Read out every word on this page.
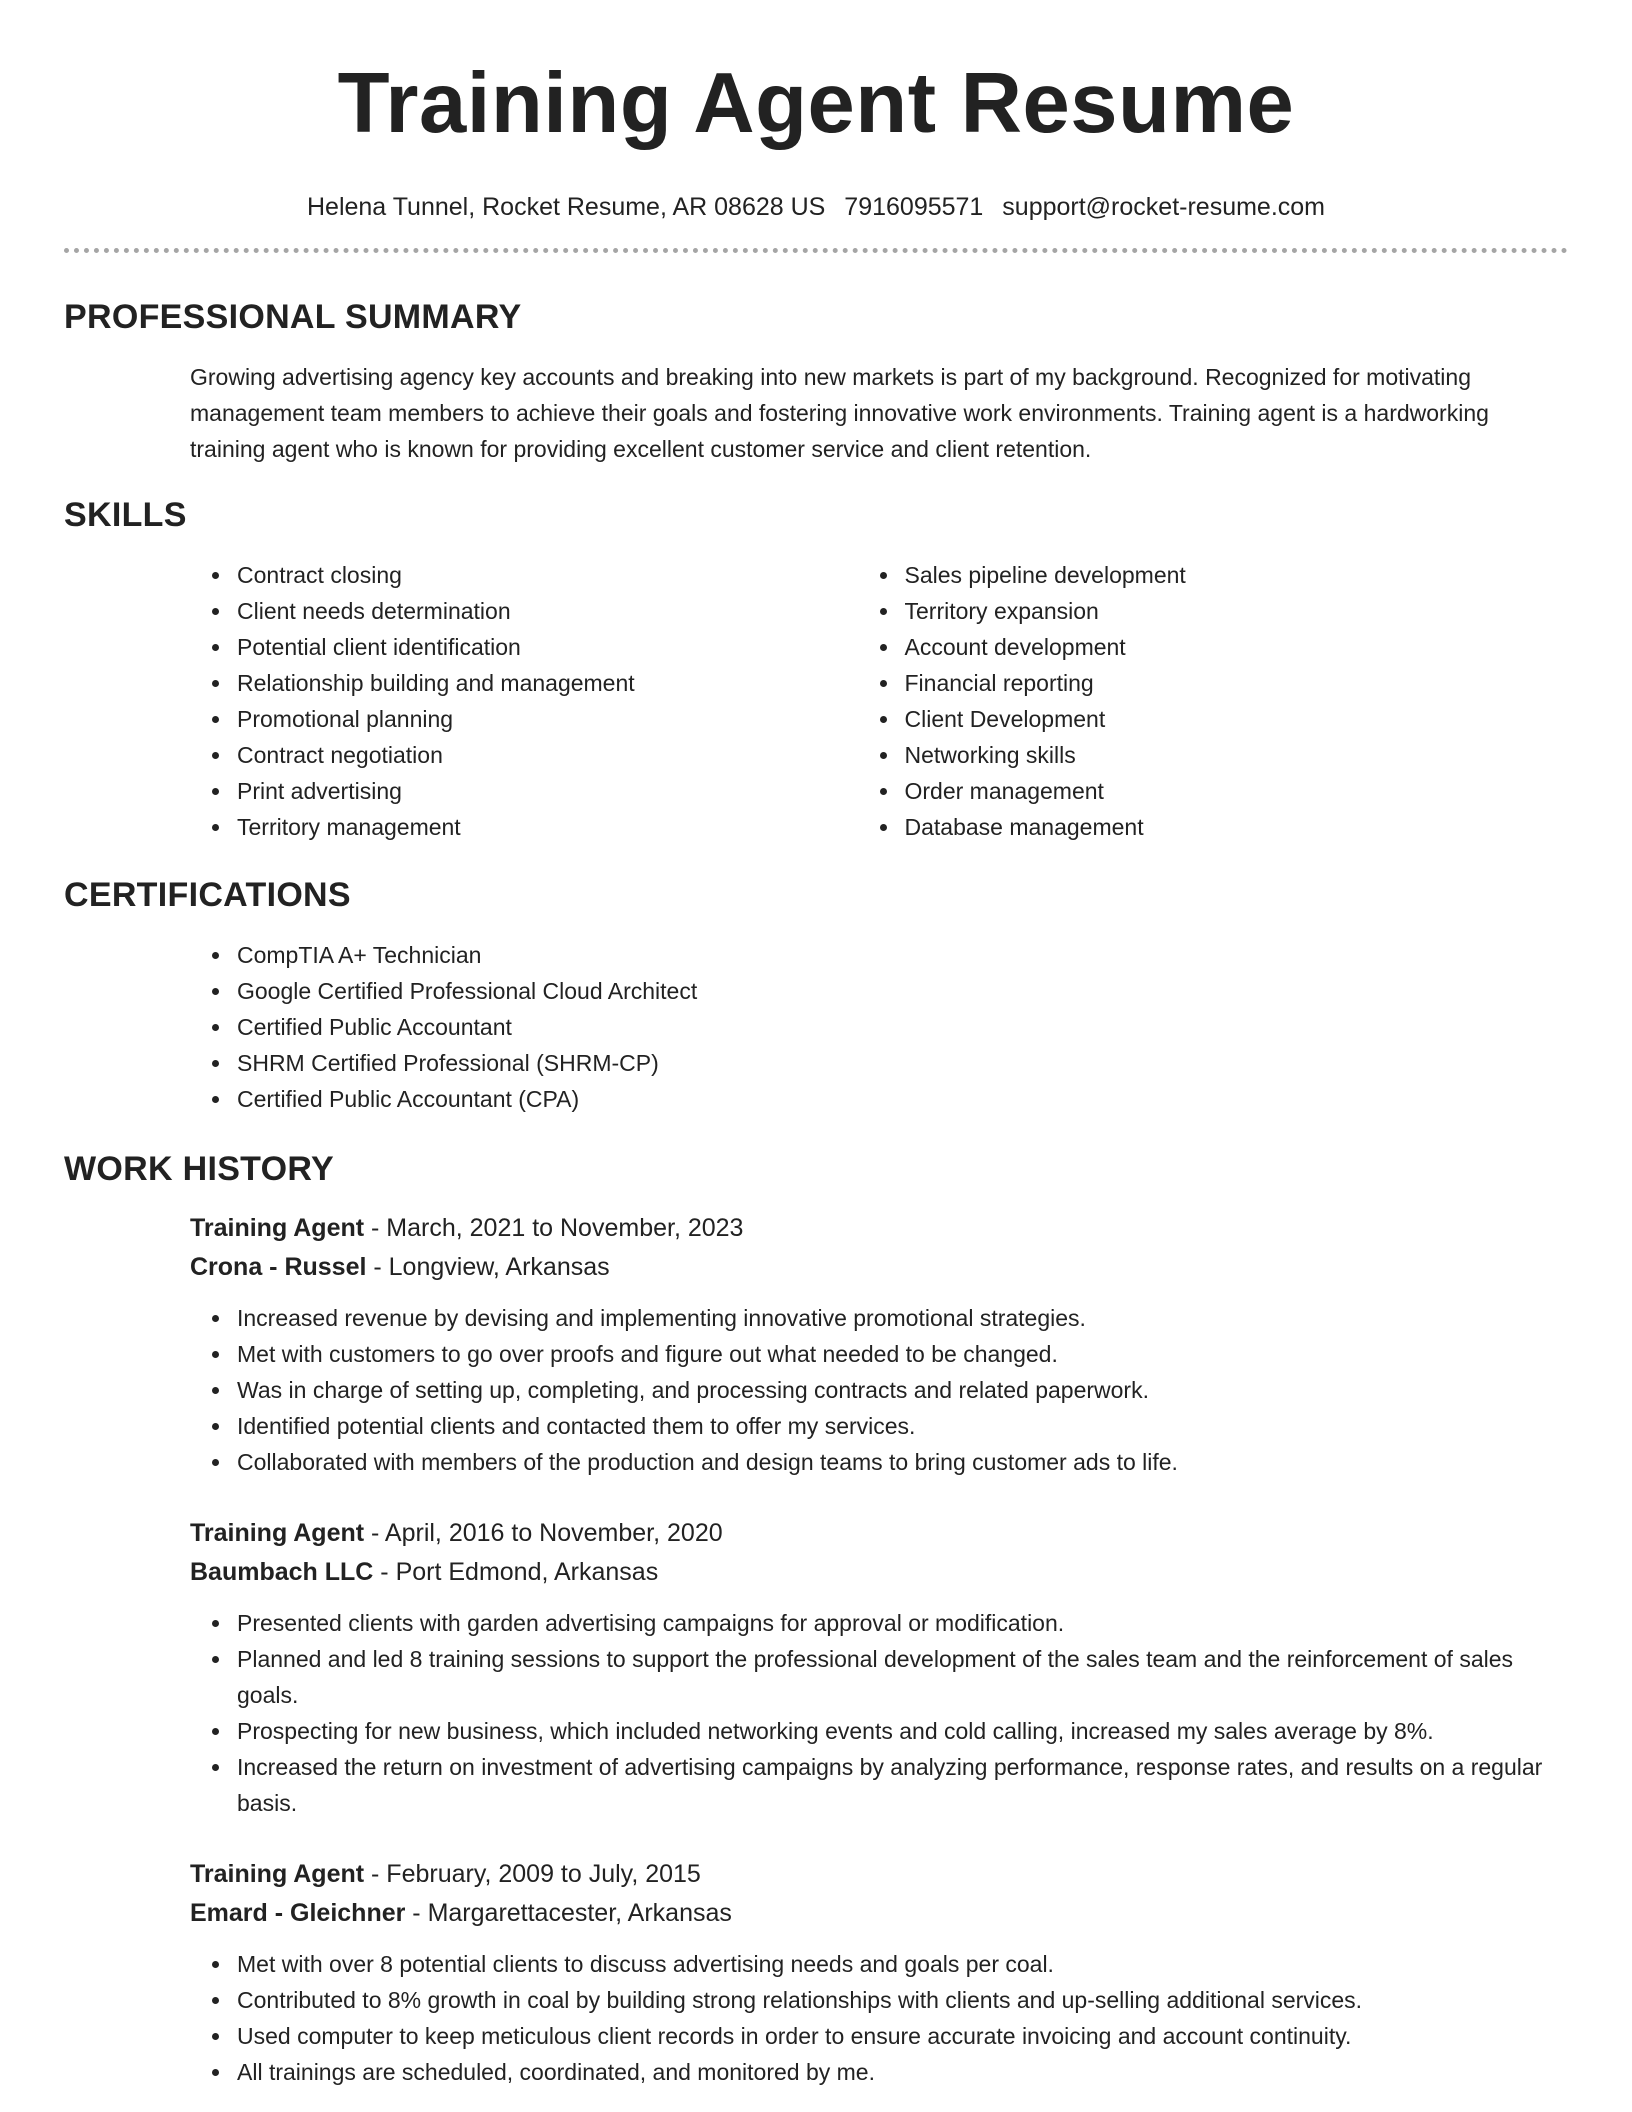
Training Agent Resume
Helena Tunnel, Rocket Resume, AR 08628 US 7916095571 support@rocket-resume.com
PROFESSIONAL SUMMARY

Growing advertising agency key accounts and breaking into new markets is part of my background. Recognized for motivating management team members to achieve their goals and fostering innovative work environments. Training agent is a hardworking training agent who is known for providing excellent customer service and client retention.

SKILLS
• Contract closing
• Client needs determination
• Potential client identification
• Relationship building and management
• Promotional planning
• Contract negotiation
• Print advertising
• Territory management
• Sales pipeline development
• Territory expansion
• Account development
• Financial reporting
• Client Development
• Networking skills
• Order management
• Database management
CERTIFICATIONS
• CompTIA A+ Technician
• Google Certified Professional Cloud Architect
• Certified Public Accountant
• SHRM Certified Professional (SHRM-CP)
• Certified Public Accountant (CPA)
WORK HISTORY
Training Agent - March, 2021 to November, 2023
Crona - Russel - Longview, Arkansas
• Increased revenue by devising and implementing innovative promotional strategies.
• Met with customers to go over proofs and figure out what needed to be changed.
• Was in charge of setting up, completing, and processing contracts and related paperwork.
• Identified potential clients and contacted them to offer my services.
• Collaborated with members of the production and design teams to bring customer ads to life.
Training Agent - April, 2016 to November, 2020
Baumbach LLC - Port Edmond, Arkansas
• Presented clients with garden advertising campaigns for approval or modification.
• Planned and led 8 training sessions to support the professional development of the sales team and the reinforcement of sales goals.
• Prospecting for new business, which included networking events and cold calling, increased my sales average by 8%.
• Increased the return on investment of advertising campaigns by analyzing performance, response rates, and results on a regular basis.
Training Agent - February, 2009 to July, 2015
Emard - Gleichner - Margarettacester, Arkansas
• Met with over 8 potential clients to discuss advertising needs and goals per coal.
• Contributed to 8% growth in coal by building strong relationships with clients and up-selling additional services.
• Used computer to keep meticulous client records in order to ensure accurate invoicing and account continuity.
• All trainings are scheduled, coordinated, and monitored by me.
